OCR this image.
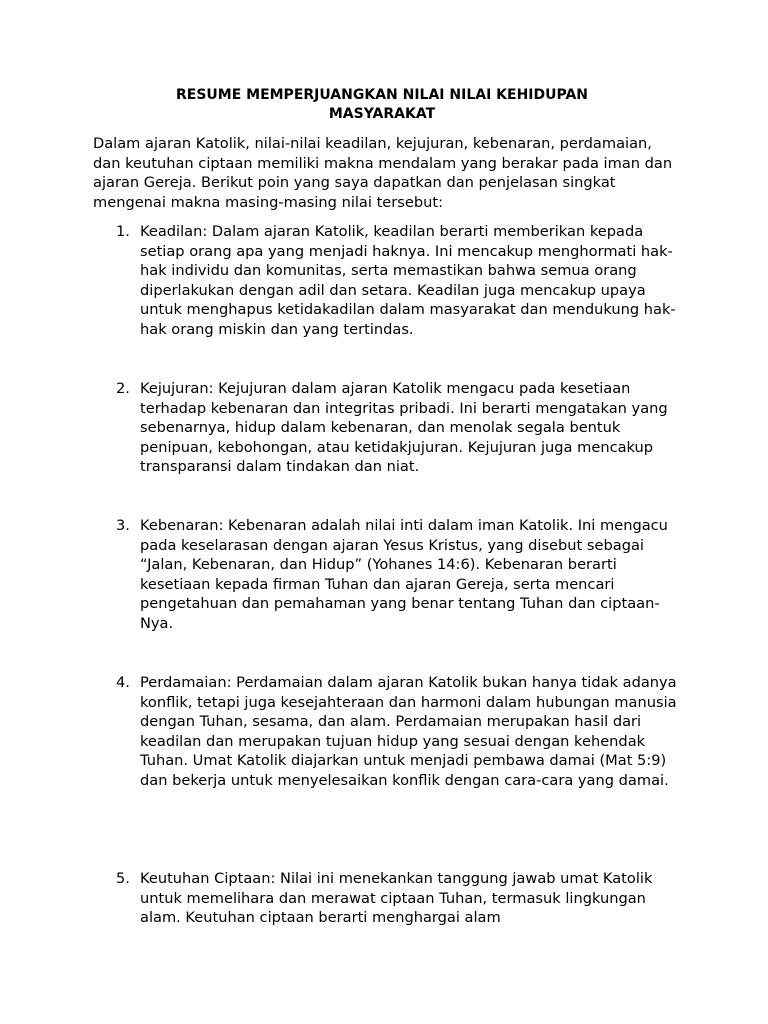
RESUME MEMPERJUANGKAN NILAI NILAI KEHIDUPAN MASYARAKAT

Dalam ajaran Katolik, nilai-nilai keadilan, kejujuran, kebenaran, perdamaian, dan keutuhan ciptaan memiliki makna mendalam yang berakar pada iman dan ajaran Gereja. Berikut poin yang saya dapatkan dan penjelasan singkat mengenai makna masing-masing nilai tersebut:

1. Keadilan: Dalam ajaran Katolik, keadilan berarti memberikan kepada setiap orang apa yang menjadi haknya. Ini mencakup menghormati hak-hak individu dan komunitas, serta memastikan bahwa semua orang diperlakukan dengan adil dan setara. Keadilan juga mencakup upaya untuk menghapus ketidakadilan dalam masyarakat dan mendukung hak-hak orang miskin dan yang tertindas.
2. Kejujuran: Kejujuran dalam ajaran Katolik mengacu pada kesetiaan terhadap kebenaran dan integritas pribadi. Ini berarti mengatakan yang sebenarnya, hidup dalam kebenaran, dan menolak segala bentuk penipuan, kebohongan, atau ketidakjujuran. Kejujuran juga mencakup transparansi dalam tindakan dan niat.
3. Kebenaran: Kebenaran adalah nilai inti dalam iman Katolik. Ini mengacu pada keselarasan dengan ajaran Yesus Kristus, yang disebut sebagai “Jalan, Kebenaran, dan Hidup” (Yohanes 14:6). Kebenaran berarti kesetiaan kepada firman Tuhan dan ajaran Gereja, serta mencari pengetahuan dan pemahaman yang benar tentang Tuhan dan ciptaan-Nya.
4. Perdamaian: Perdamaian dalam ajaran Katolik bukan hanya tidak adanya konflik, tetapi juga kesejahteraan dan harmoni dalam hubungan manusia dengan Tuhan, sesama, dan alam. Perdamaian merupakan hasil dari keadilan dan merupakan tujuan hidup yang sesuai dengan kehendak Tuhan. Umat Katolik diajarkan untuk menjadi pembawa damai (Mat 5:9) dan bekerja untuk menyelesaikan konflik dengan cara-cara yang damai.
5. Keutuhan Ciptaan: Nilai ini menekankan tanggung jawab umat Katolik untuk memelihara dan merawat ciptaan Tuhan, termasuk lingkungan alam. Keutuhan ciptaan berarti menghargai alam
